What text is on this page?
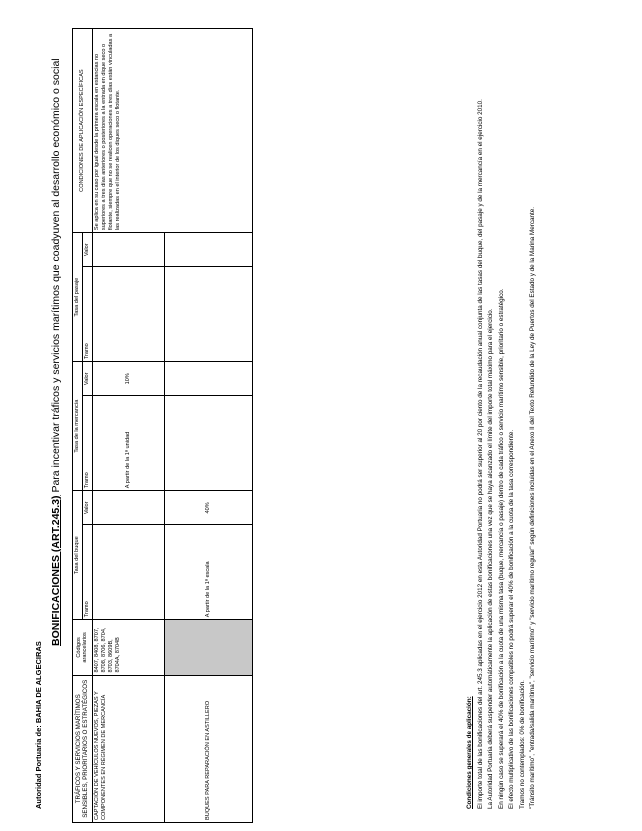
Autoridad Portuaria de: BAHIA DE ALGECIRAS
BONIFICACIONES (ART.245.3) Para incentivar tráficos y servicios marítimos que coadyuven al desarrollo económico o social
TRÁFICOS Y SERVICIOS MARÍTIMOS SENSIBLES, PRIORITARIOS O ESTRATÉGICOS	Códigos arancelarios	Tasa del buque		Tasa de la mercancía		Tasa del pasaje		CONDICIONES DE APLICACIÓN ESPECÍFICAS
		Tramo	Valor	Tramo	Valor	Tramo	Valor	
CAPTACIÓN DE VEHÍCULOS NUEVOS, PIEZAS Y COMPONENTES EN RÉGIMEN DE MERCANCÍA	8407, 8408, 8707, 8708, 8706, 8704, 8703, 8609B, 8704A, 8704B			A partir de la 1ª unidad	10%			Se aplica en su caso por igual desde la primera escala en estancias no superiores a tres días anteriores o posteriores a la entrada en dique seco o flotante, siempre que no se realicen operaciones a tres días están vinculadas a las realizadas en el interior de los diques seco o flotante.
BUQUES PARA REPARACIÓN EN ASTILLERO		A partir de la 1ª escala	40%					
Condiciones generales de aplicación: El importe total de las bonificaciones del art. 245.3 aplicadas en el ejercicio 2012 en esta Autoridad Portuaria no podrá ser superior al 20 por ciento de la recaudación anual conjunta de las tasas del buque, del pasaje y de la mercancía en el ejercicio 2010. La Autoridad Portuaria deberá suspender automáticamente la aplicación de estas bonificaciones una vez que se haya alcanzado el límite del importe total máximo para el ejercicio. En ningún caso se superará el 40% de bonificación a la cuota de una misma tasa (buque, mercancía o pasaje) dentro de cada tráfico o servicio marítimo sensible, prioritario o estratégico. El efecto multiplicativo de las bonificaciones compatibles no podrá superar el 40% de bonificación a la cuota de la tasa correspondiente. Tramos no contemplados: 0% de bonificación. "Tránsito marítimo", "entrada/salida marítima", "servicio marítimo" y "servicio marítimo regular" según definiciones incluidas en el Anexo II del Texto Refundido de la Ley de Puertos del Estado y de la Marina Mercante.
